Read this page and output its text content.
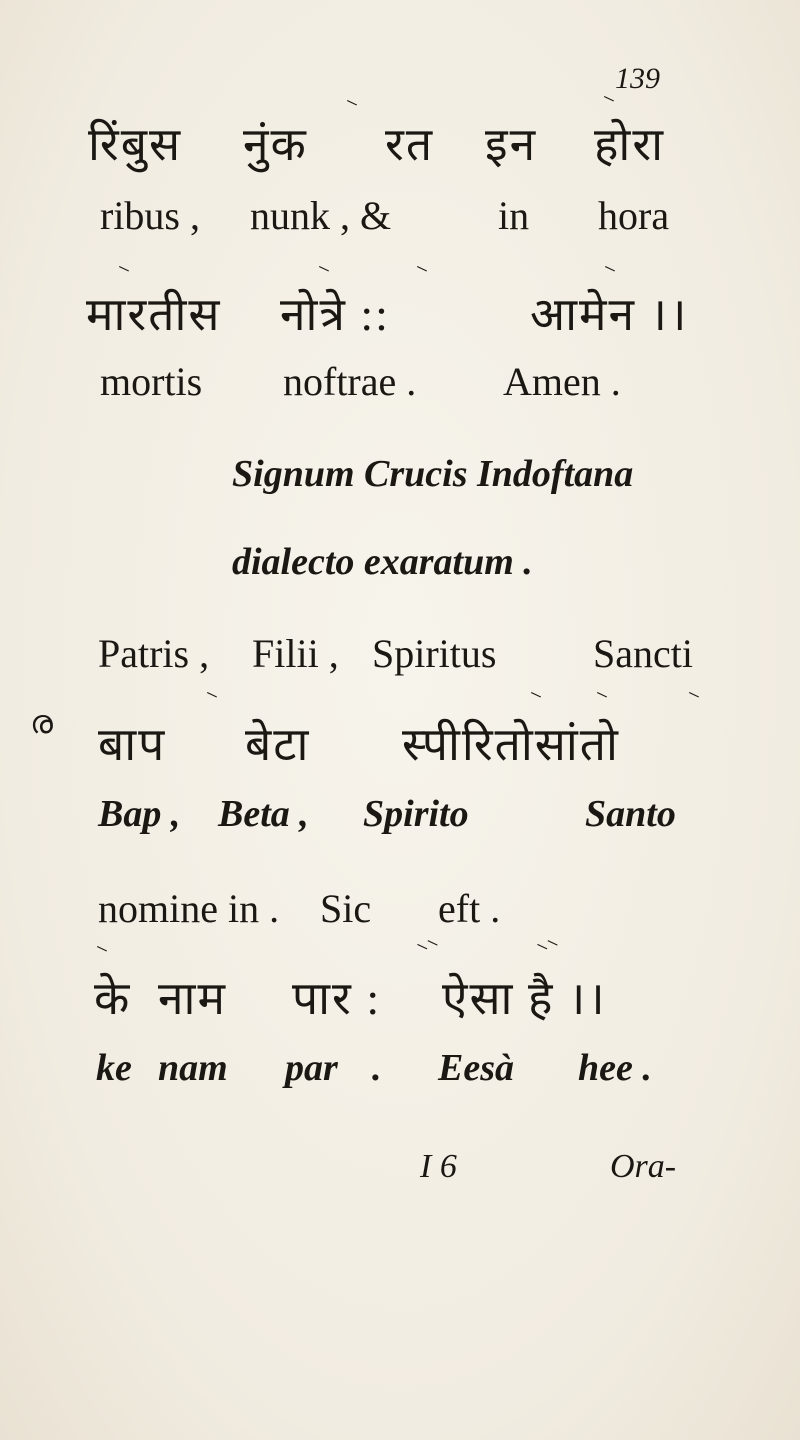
139
रिंबुस नुंक रत इन होरा
⸌	⸌
ribus , nunk , &	in hora
⸌	⸌	⸌	⸌
मारतीस नोत्रे ::	आमेन ।।
mortis noftrae . Amen .
Signum Crucis Indoftana
dialecto exaratum .
Patris , Filii , Spiritus Sancti
⸌	⸌ ⸌	⸌
ര बाप बेटा स्पीरितोसांतो
Bap , Beta , Spirito	Santo
nomine in . Sic eft .
⸌	⸌⸌	⸌⸌
के नाम पार : ऐसा है ।।
ke nam par . Eesà hee .
I 6	Ora-
